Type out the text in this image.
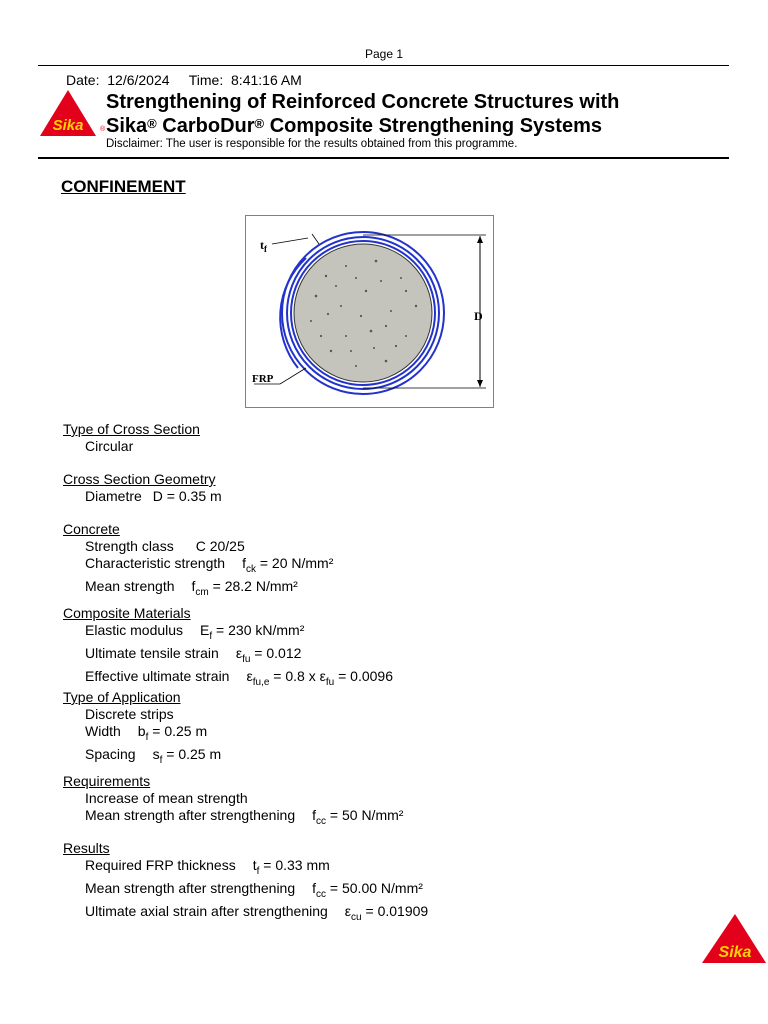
Page 1
Date: 12/6/2024 Time: 8:41:16 AM
Sika ®
Strengthening of Reinforced Concrete Structures with
Sika® CarboDur® Composite Strengthening Systems
Disclaimer: The user is responsible for the results obtained from this programme.
CONFINEMENT
D
$t_f$
FRP
Type of Cross Section
Circular
Cross Section Geometry
Diametre D = 0.35 m
Concrete
Strength class C 20/25
Characteristic strength $f_{ck} = 20$ N/mm²
Mean strength $f_{cm} = 28.2$ N/mm²
Composite Materials
Elastic modulus $E_f = 230$ kN/mm²
Ultimate tensile strain $\varepsilon_{fu} = 0.012$
Effective ultimate strain $\varepsilon_{fu,e} = 0.8$ x $\varepsilon_{fu} = 0.0096$
Type of Application
Discrete strips
Width $b_f = 0.25$ m
Spacing $s_f = 0.25$ m
Requirements
Increase of mean strength
Mean strength after strengthening $f_{cc} = 50$ N/mm²
Results
Required FRP thickness $t_f = 0.33$ mm
Mean strength after strengthening $f_{cc} = 50.00$ N/mm²
Ultimate axial strain after strengthening $\varepsilon_{cu} = 0.01909$
Sika
